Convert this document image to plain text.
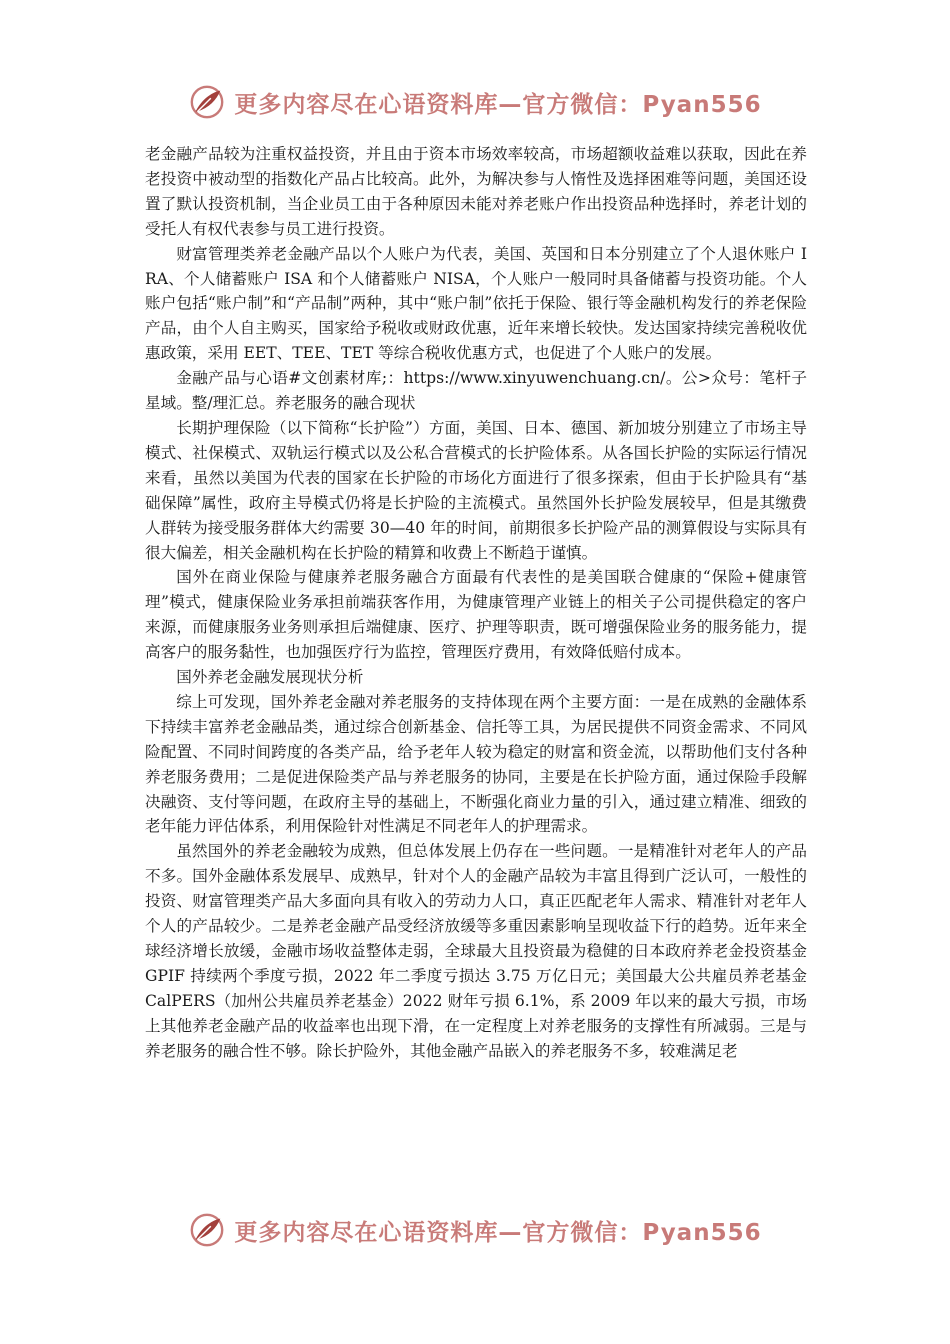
更多内容尽在心语资料库—官方微信：Pyan556

老金融产品较为注重权益投资，并且由于资本市场效率较高，市场超额收益难以获取，因此在养老投资中被动型的指数化产品占比较高。此外，为解决参与人惰性及选择困难等问题，美国还设置了默认投资机制，当企业员工由于各种原因未能对养老账户作出投资品种选择时，养老计划的受托人有权代表参与员工进行投资。

财富管理类养老金融产品以个人账户为代表，美国、英国和日本分别建立了个人退休账户 IRA、个人储蓄账户 ISA 和个人储蓄账户 NISA，个人账户一般同时具备储蓄与投资功能。个人账户包括“账户制”和“产品制”两种，其中“账户制”依托于保险、银行等金融机构发行的养老保险产品，由个人自主购买，国家给予税收或财政优惠，近年来增长较快。发达国家持续完善税收优惠政策，采用 EET、TEE、TET 等综合税收优惠方式，也促进了个人账户的发展。

金融产品与心语#文创素材库;：https://www.xinyuwenchuang.cn/。公>众号：笔杆子星域。整/理汇总。养老服务的融合现状

长期护理保险（以下简称“长护险”）方面，美国、日本、德国、新加坡分别建立了市场主导模式、社保模式、双轨运行模式以及公私合营模式的长护险体系。从各国长护险的实际运行情况来看，虽然以美国为代表的国家在长护险的市场化方面进行了很多探索，但由于长护险具有“基础保障”属性，政府主导模式仍将是长护险的主流模式。虽然国外长护险发展较早，但是其缴费人群转为接受服务群体大约需要 30—40 年的时间，前期很多长护险产品的测算假设与实际具有很大偏差，相关金融机构在长护险的精算和收费上不断趋于谨慎。

国外在商业保险与健康养老服务融合方面最有代表性的是美国联合健康的“保险+健康管理”模式，健康保险业务承担前端获客作用，为健康管理产业链上的相关子公司提供稳定的客户来源，而健康服务业务则承担后端健康、医疗、护理等职责，既可增强保险业务的服务能力，提高客户的服务黏性，也加强医疗行为监控，管理医疗费用，有效降低赔付成本。

国外养老金融发展现状分析

综上可发现，国外养老金融对养老服务的支持体现在两个主要方面：一是在成熟的金融体系下持续丰富养老金融品类，通过综合创新基金、信托等工具，为居民提供不同资金需求、不同风险配置、不同时间跨度的各类产品，给予老年人较为稳定的财富和资金流，以帮助他们支付各种养老服务费用；二是促进保险类产品与养老服务的协同，主要是在长护险方面，通过保险手段解决融资、支付等问题，在政府主导的基础上，不断强化商业力量的引入，通过建立精准、细致的老年能力评估体系，利用保险针对性满足不同老年人的护理需求。

虽然国外的养老金融较为成熟，但总体发展上仍存在一些问题。一是精准针对老年人的产品不多。国外金融体系发展早、成熟早，针对个人的金融产品较为丰富且得到广泛认可，一般性的投资、财富管理类产品大多面向具有收入的劳动力人口，真正匹配老年人需求、精准针对老年人个人的产品较少。二是养老金融产品受经济放缓等多重因素影响呈现收益下行的趋势。近年来全球经济增长放缓，金融市场收益整体走弱，全球最大且投资最为稳健的日本政府养老金投资基金 GPIF 持续两个季度亏损，2022 年二季度亏损达 3.75 万亿日元；美国最大公共雇员养老基金 CalPERS（加州公共雇员养老基金）2022 财年亏损 6.1%，系 2009 年以来的最大亏损，市场上其他养老金融产品的收益率也出现下滑，在一定程度上对养老服务的支撑性有所减弱。三是与养老服务的融合性不够。除长护险外，其他金融产品嵌入的养老服务不多，较难满足老

更多内容尽在心语资料库—官方微信：Pyan556
